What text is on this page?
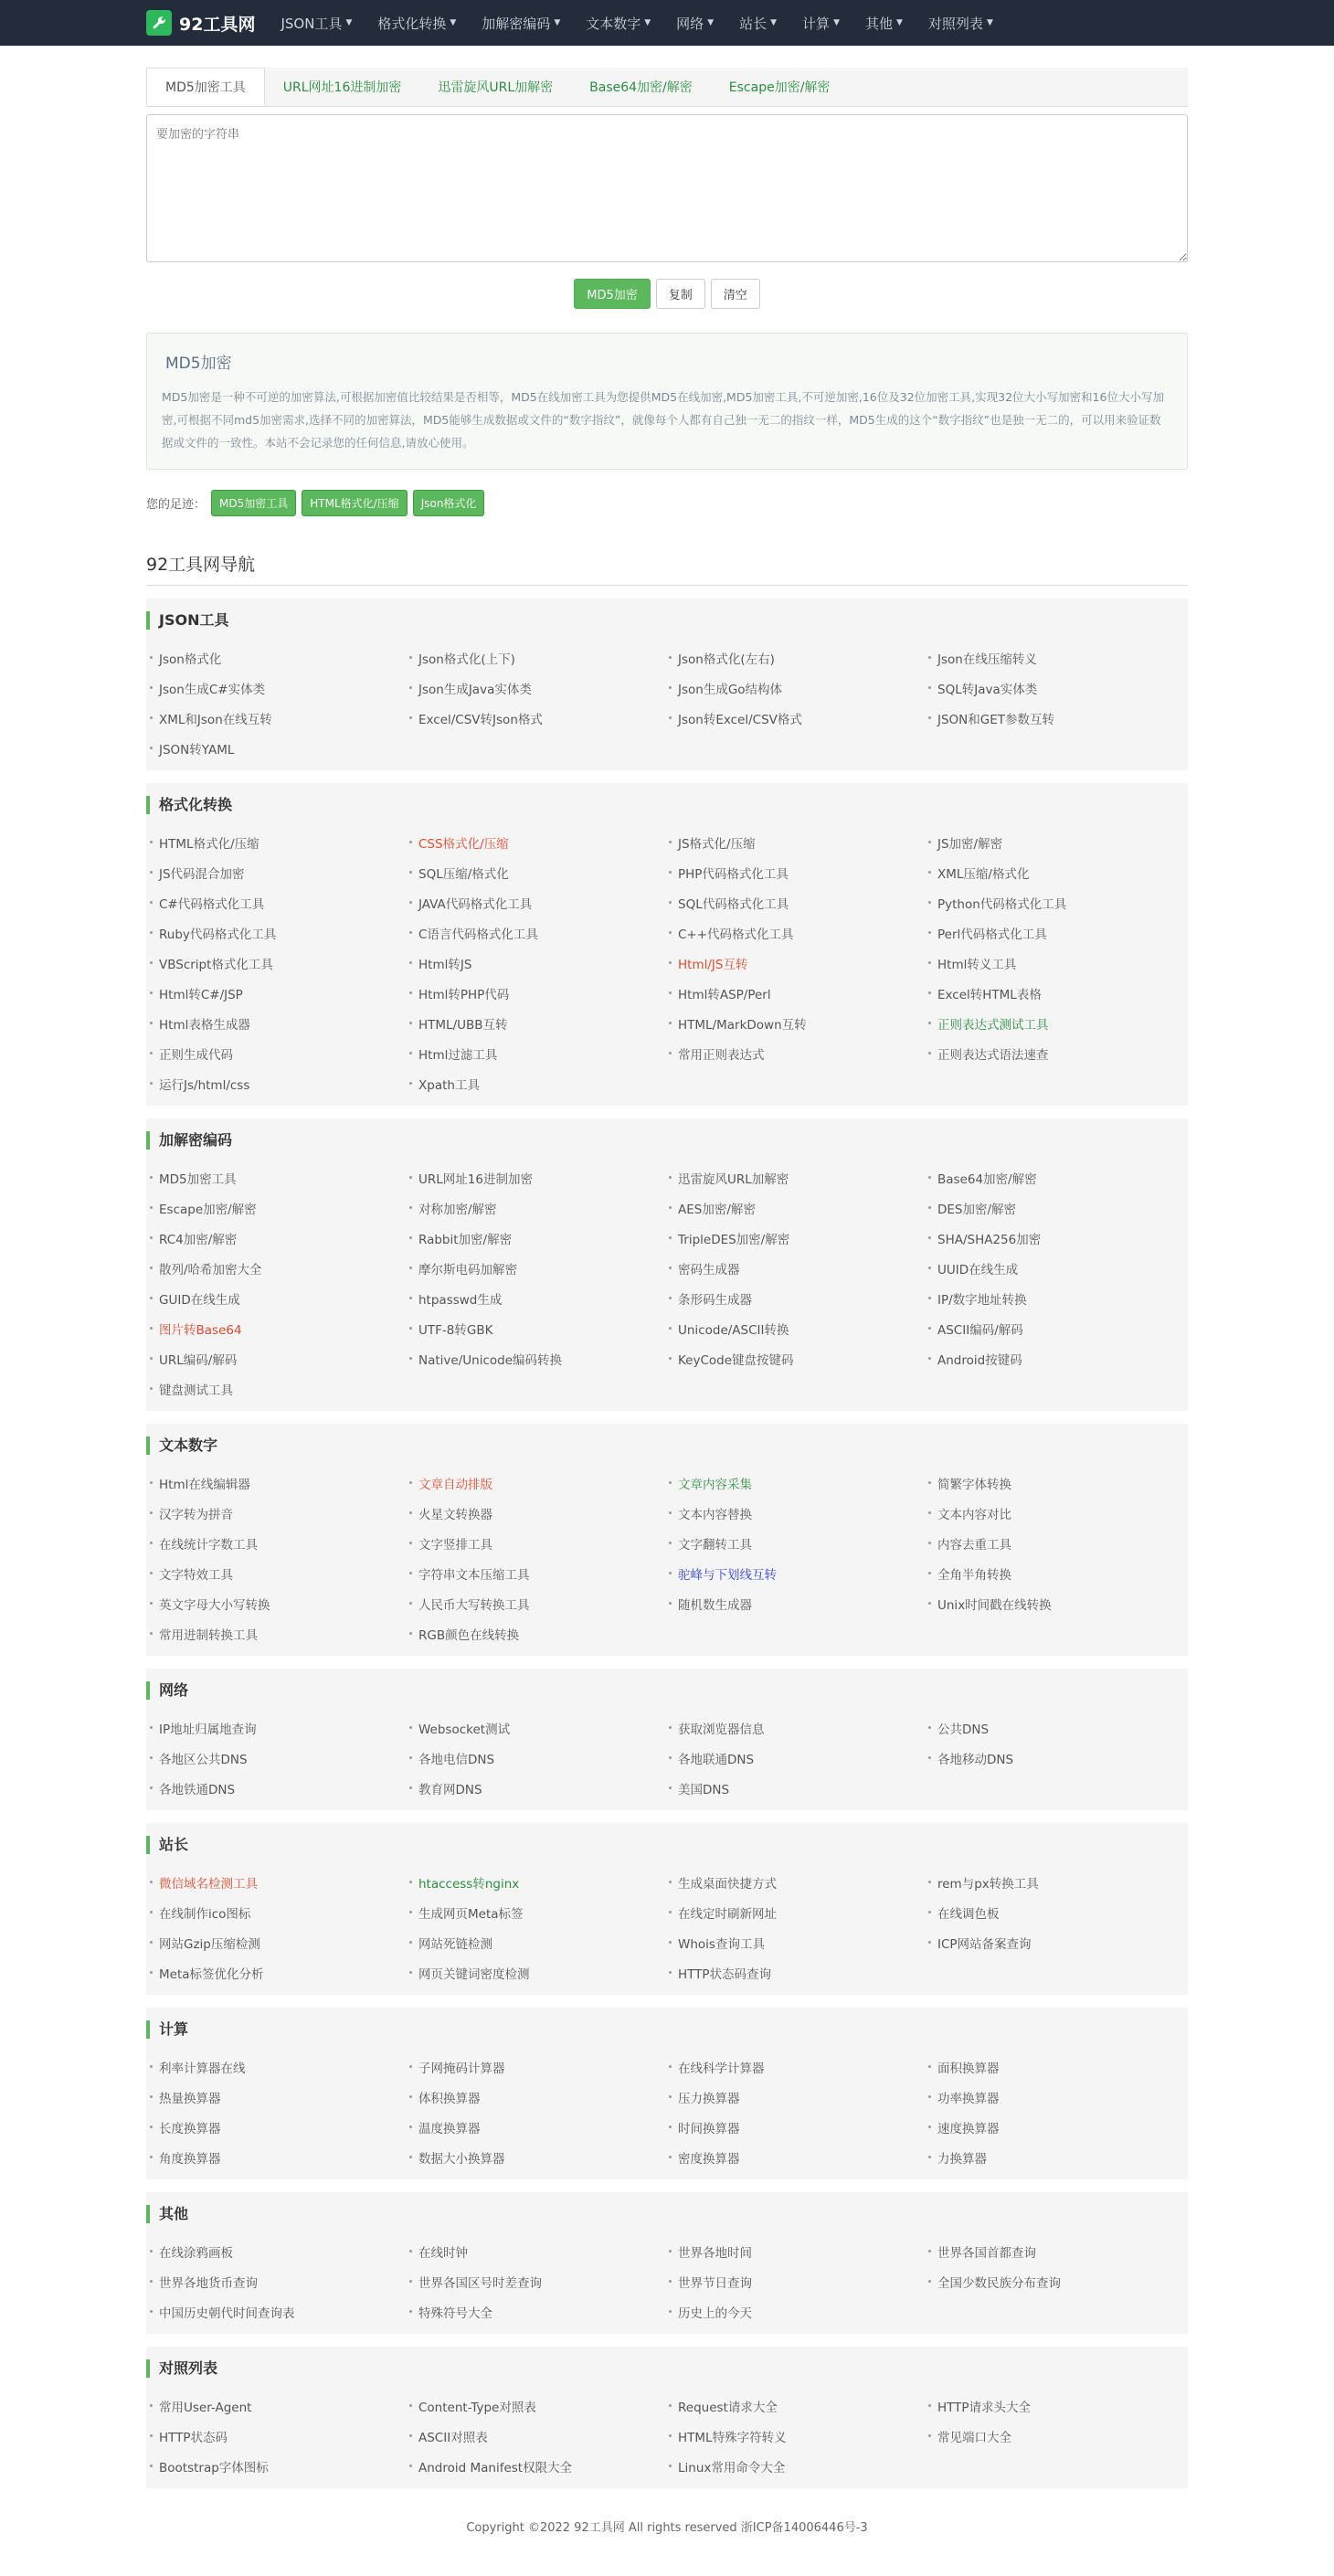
92工具网 JSON工具 ▼ 格式化转换 ▼ 加解密编码 ▼ 文本数字 ▼ 网络 ▼ 站长 ▼ 计算 ▼ 其他 ▼ 对照列表 ▼
MD5加密工具	URL网址16进制加密	迅雷旋风URL加解密	Base64加密/解密	Escape加密/解密
要加密的字符串
MD5加密	复制	清空
MD5加密
MD5加密是一种不可逆的加密算法,可根据加密值比较结果是否相等，MD5在线加密工具为您提供MD5在线加密,MD5加密工具,不可逆加密,16位及32位加密工具,实现32位大小写加密和16位大小写加密,可根据不同md5加密需求,选择不同的加密算法，MD5能够生成数据或文件的“数字指纹”，就像每个人都有自己独一无二的指纹一样，MD5生成的这个“数字指纹”也是独一无二的，可以用来验证数据或文件的一致性。本站不会记录您的任何信息,请放心使用。
您的足迹：	MD5加密工具	HTML格式化/压缩	Json格式化
92工具网导航
JSON工具
Json格式化	Json格式化(上下)	Json格式化(左右)	Json在线压缩转义
Json生成C#实体类	Json生成Java实体类	Json生成Go结构体	SQL转Java实体类
XML和Json在线互转	Excel/CSV转Json格式	Json转Excel/CSV格式	JSON和GET参数互转
JSON转YAML
格式化转换
HTML格式化/压缩	CSS格式化/压缩	JS格式化/压缩	JS加密/解密
JS代码混合加密	SQL压缩/格式化	PHP代码格式化工具	XML压缩/格式化
C#代码格式化工具	JAVA代码格式化工具	SQL代码格式化工具	Python代码格式化工具
Ruby代码格式化工具	C语言代码格式化工具	C++代码格式化工具	Perl代码格式化工具
VBScript格式化工具	Html转JS	Html/JS互转	Html转义工具
Html转C#/JSP	Html转PHP代码	Html转ASP/Perl	Excel转HTML表格
Html表格生成器	HTML/UBB互转	HTML/MarkDown互转	正则表达式测试工具
正则生成代码	Html过滤工具	常用正则表达式	正则表达式语法速查
运行Js/html/css	Xpath工具
加解密编码
MD5加密工具	URL网址16进制加密	迅雷旋风URL加解密	Base64加密/解密
Escape加密/解密	对称加密/解密	AES加密/解密	DES加密/解密
RC4加密/解密	Rabbit加密/解密	TripleDES加密/解密	SHA/SHA256加密
散列/哈希加密大全	摩尔斯电码加解密	密码生成器	UUID在线生成
GUID在线生成	htpasswd生成	条形码生成器	IP/数字地址转换
图片转Base64	UTF-8转GBK	Unicode/ASCII转换	ASCII编码/解码
URL编码/解码	Native/Unicode编码转换	KeyCode键盘按键码	Android按键码
键盘测试工具
文本数字
Html在线编辑器	文章自动排版	文章内容采集	简繁字体转换
汉字转为拼音	火星文转换器	文本内容替换	文本内容对比
在线统计字数工具	文字竖排工具	文字翻转工具	内容去重工具
文字特效工具	字符串文本压缩工具	驼峰与下划线互转	全角半角转换
英文字母大小写转换	人民币大写转换工具	随机数生成器	Unix时间戳在线转换
常用进制转换工具	RGB颜色在线转换
网络
IP地址归属地查询	Websocket测试	获取浏览器信息	公共DNS
各地区公共DNS	各地电信DNS	各地联通DNS	各地移动DNS
各地铁通DNS	教育网DNS	美国DNS
站长
微信域名检测工具	htaccess转nginx	生成桌面快捷方式	rem与px转换工具
在线制作ico图标	生成网页Meta标签	在线定时刷新网址	在线调色板
网站Gzip压缩检测	网站死链检测	Whois查询工具	ICP网站备案查询
Meta标签优化分析	网页关键词密度检测	HTTP状态码查询
计算
利率计算器在线	子网掩码计算器	在线科学计算器	面积换算器
热量换算器	体积换算器	压力换算器	功率换算器
长度换算器	温度换算器	时间换算器	速度换算器
角度换算器	数据大小换算器	密度换算器	力换算器
其他
在线涂鸦画板	在线时钟	世界各地时间	世界各国首都查询
世界各地货币查询	世界各国区号时差查询	世界节日查询	全国少数民族分布查询
中国历史朝代时间查询表	特殊符号大全	历史上的今天
对照列表
常用User-Agent	Content-Type对照表	Request请求大全	HTTP请求头大全
HTTP状态码	ASCII对照表	HTML特殊字符转义	常见端口大全
Bootstrap字体图标	Android Manifest权限大全	Linux常用命令大全
Copyright ©2022 92工具网 All rights reserved 浙ICP备14006446号-3
